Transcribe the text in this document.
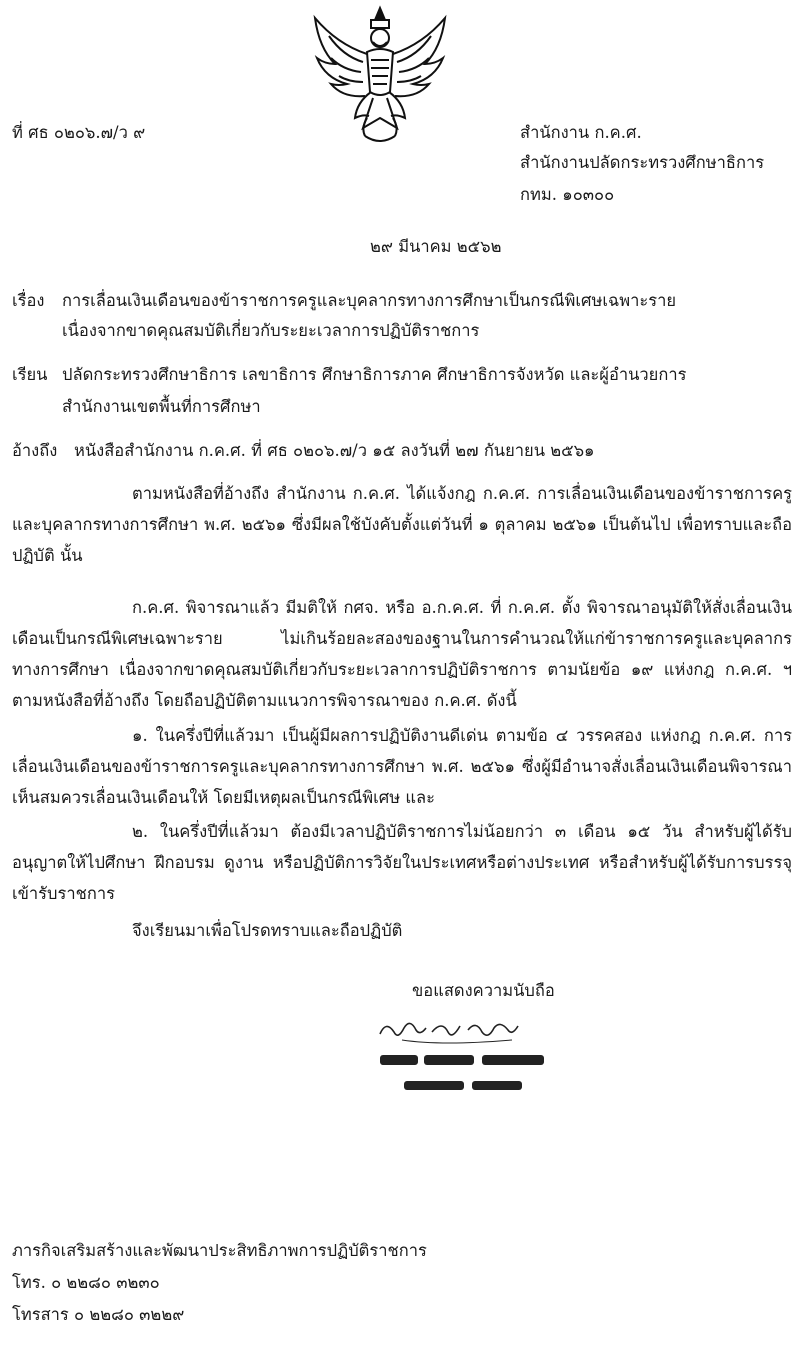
ที่ ศธ ๐๒๐๖.๗/ว ๙	สำนักงาน ก.ค.ศ.
สำนักงานปลัดกระทรวงศึกษาธิการ
กทม. ๑๐๓๐๐
๒๙ มีนาคม ๒๕๖๒
เรื่อง การเลื่อนเงินเดือนของข้าราชการครูและบุคลากรทางการศึกษาเป็นกรณีพิเศษเฉพาะราย
เนื่องจากขาดคุณสมบัติเกี่ยวกับระยะเวลาการปฏิบัติราชการ
เรียน ปลัดกระทรวงศึกษาธิการ เลขาธิการ ศึกษาธิการภาค ศึกษาธิการจังหวัด และผู้อำนวยการ
สำนักงานเขตพื้นที่การศึกษา
อ้างถึง หนังสือสำนักงาน ก.ค.ศ. ที่ ศธ ๐๒๐๖.๗/ว ๑๕ ลงวันที่ ๒๗ กันยายน ๒๕๖๑
ตามหนังสือที่อ้างถึง สำนักงาน ก.ค.ศ. ได้แจ้งกฎ ก.ค.ศ. การเลื่อนเงินเดือนของข้าราชการครูและบุคลากรทางการศึกษา พ.ศ. ๒๕๖๑ ซึ่งมีผลใช้บังคับตั้งแต่วันที่ ๑ ตุลาคม ๒๕๖๑ เป็นต้นไป เพื่อทราบและถือปฏิบัติ นั้น
ก.ค.ศ. พิจารณาแล้ว มีมติให้ กศจ. หรือ อ.ก.ค.ศ. ที่ ก.ค.ศ. ตั้ง พิจารณาอนุมัติให้สั่งเลื่อนเงินเดือนเป็นกรณีพิเศษเฉพาะราย ไม่เกินร้อยละสองของฐานในการคำนวณให้แก่ข้าราชการครูและบุคลากรทางการศึกษา เนื่องจากขาดคุณสมบัติเกี่ยวกับระยะเวลาการปฏิบัติราชการ ตามนัยข้อ ๑๙ แห่งกฎ ก.ค.ศ. ฯ ตามหนังสือที่อ้างถึง โดยถือปฏิบัติตามแนวการพิจารณาของ ก.ค.ศ. ดังนี้
๑. ในครึ่งปีที่แล้วมา เป็นผู้มีผลการปฏิบัติงานดีเด่น ตามข้อ ๔ วรรคสอง แห่งกฎ ก.ค.ศ. การเลื่อนเงินเดือนของข้าราชการครูและบุคลากรทางการศึกษา พ.ศ. ๒๕๖๑ ซึ่งผู้มีอำนาจสั่งเลื่อนเงินเดือนพิจารณาเห็นสมควรเลื่อนเงินเดือนให้ โดยมีเหตุผลเป็นกรณีพิเศษ และ
๒. ในครึ่งปีที่แล้วมา ต้องมีเวลาปฏิบัติราชการไม่น้อยกว่า ๓ เดือน ๑๕ วัน สำหรับผู้ได้รับอนุญาตให้ไปศึกษา ฝึกอบรม ดูงาน หรือปฏิบัติการวิจัยในประเทศหรือต่างประเทศ หรือสำหรับผู้ได้รับการบรรจุเข้ารับราชการ
จึงเรียนมาเพื่อโปรดทราบและถือปฏิบัติ
ขอแสดงความนับถือ
ภารกิจเสริมสร้างและพัฒนาประสิทธิภาพการปฏิบัติราชการ
โทร. ๐ ๒๒๘๐ ๓๒๓๐
โทรสาร ๐ ๒๒๘๐ ๓๒๒๙
